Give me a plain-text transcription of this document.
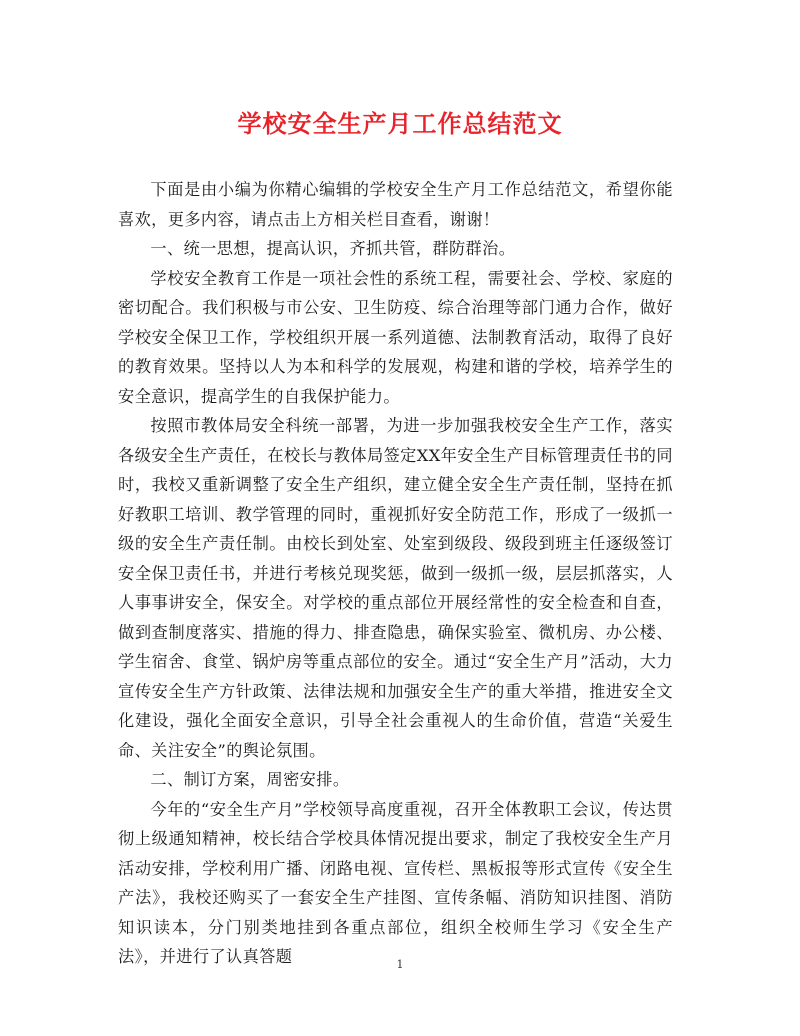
学校安全生产月工作总结范文

下面是由小编为你精心编辑的学校安全生产月工作总结范文，希望你能喜欢，更多内容，请点击上方相关栏目查看，谢谢！

一、统一思想，提高认识，齐抓共管，群防群治。

学校安全教育工作是一项社会性的系统工程，需要社会、学校、家庭的密切配合。我们积极与市公安、卫生防疫、综合治理等部门通力合作，做好学校安全保卫工作，学校组织开展一系列道德、法制教育活动，取得了良好的教育效果。坚持以人为本和科学的发展观，构建和谐的学校，培养学生的安全意识，提高学生的自我保护能力。

按照市教体局安全科统一部署，为进一步加强我校安全生产工作，落实各级安全生产责任，在校长与教体局签定XX年安全生产目标管理责任书的同时，我校又重新调整了安全生产组织，建立健全安全生产责任制，坚持在抓好教职工培训、教学管理的同时，重视抓好安全防范工作，形成了一级抓一级的安全生产责任制。由校长到处室、处室到级段、级段到班主任逐级签订安全保卫责任书，并进行考核兑现奖惩，做到一级抓一级，层层抓落实，人人事事讲安全，保安全。对学校的重点部位开展经常性的安全检查和自查，做到查制度落实、措施的得力、排查隐患，确保实验室、微机房、办公楼、学生宿舍、食堂、锅炉房等重点部位的安全。通过“安全生产月”活动，大力宣传安全生产方针政策、法律法规和加强安全生产的重大举措，推进安全文化建设，强化全面安全意识，引导全社会重视人的生命价值，营造“关爱生命、关注安全”的舆论氛围。

二、制订方案，周密安排。

今年的“安全生产月”学校领导高度重视，召开全体教职工会议，传达贯彻上级通知精神，校长结合学校具体情况提出要求，制定了我校安全生产月活动安排，学校利用广播、闭路电视、宣传栏、黑板报等形式宣传《安全生产法》，我校还购买了一套安全生产挂图、宣传条幅、消防知识挂图、消防知识读本，分门别类地挂到各重点部位，组织全校师生学习《安全生产法》，并进行了认真答题	1
